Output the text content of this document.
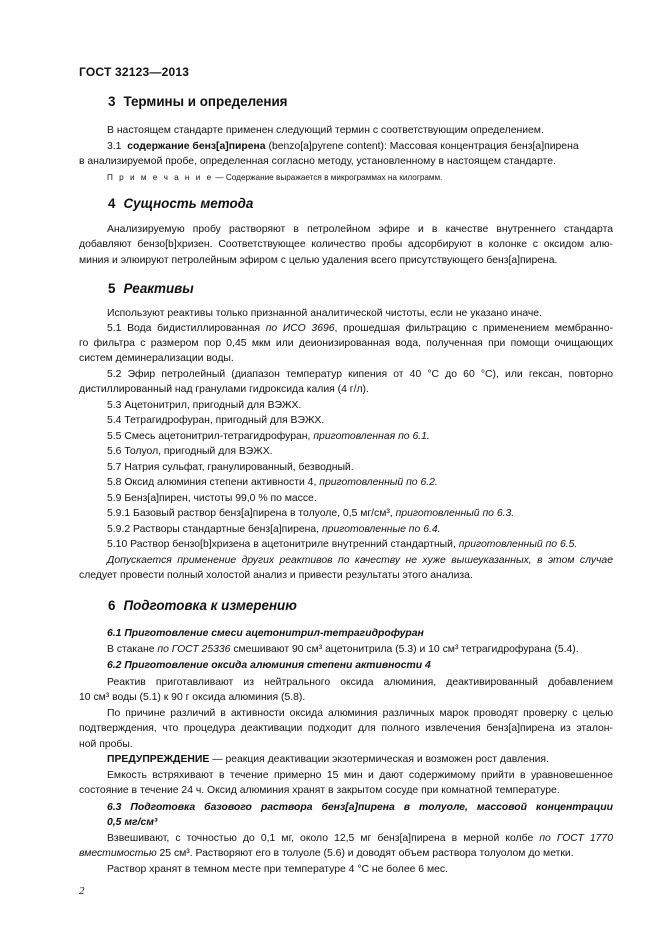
ГОСТ 32123—2013
3 Термины и определения
В настоящем стандарте применен следующий термин с соответствующим определением.
3.1 содержание бенз[а]пирена (benzo[a]pyrene content): Массовая концентрация бенз[а]пирена
в анализируемой пробе, определенная согласно методу, установленному в настоящем стандарте.
П р и м е ч а н и е — Содержание выражается в микрограммах на килограмм.
4 Сущность метода
Анализируемую пробу растворяют в петролейном эфире и в качестве внутреннего стандарта
добавляют бензо[b]хризен. Соответствующее количество пробы адсорбируют в колонке с оксидом алю-
миния и элюируют петролейным эфиром с целью удаления всего присутствующего бенз[а]пирена.
5 Реактивы
Используют реактивы только признанной аналитической чистоты, если не указано иначе.
5.1 Вода бидистиллированная по ИСО 3696, прошедшая фильтрацию с применением мембранно-
го фильтра с размером пор 0,45 мкм или деионизированная вода, полученная при помощи очищающих
систем деминерализации воды.
5.2 Эфир петролейный (диапазон температур кипения от 40 °C до 60 °C), или гексан, повторно
дистиллированный над гранулами гидроксида калия (4 г/л).
5.3 Ацетонитрил, пригодный для ВЭЖХ.
5.4 Тетрагидрофуран, пригодный для ВЭЖХ.
5.5 Смесь ацетонитрил-тетрагидрофуран, приготовленная по 6.1.
5.6 Толуол, пригодный для ВЭЖХ.
5.7 Натрия сульфат, гранулированный, безводный.
5.8 Оксид алюминия степени активности 4, приготовленный по 6.2.
5.9 Бенз[а]пирен, чистоты 99,0 % по массе.
5.9.1 Базовый раствор бенз[а]пирена в толуоле, 0,5 мг/см³, приготовленный по 6.3.
5.9.2 Растворы стандартные бенз[а]пирена, приготовленные по 6.4.
5.10 Раствор бензо[b]хризена в ацетонитриле внутренний стандартный, приготовленный по 6.5.
Допускается применение других реактивов по качеству не хуже вышеуказанных, в этом случае
следует провести полный холостой анализ и привести результаты этого анализа.
6 Подготовка к измерению
6.1 Приготовление смеси ацетонитрил-тетрагидрофуран
В стакане по ГОСТ 25336 смешивают 90 см³ ацетонитрила (5.3) и 10 см³ тетрагидрофурана (5.4).
6.2 Приготовление оксида алюминия степени активности 4
Реактив приготавливают из нейтрального оксида алюминия, деактивированный добавлением
10 см³ воды (5.1) к 90 г оксида алюминия (5.8).
По причине различий в активности оксида алюминия различных марок проводят проверку с целью
подтверждения, что процедура деактивации подходит для полного извлечения бенз[а]пирена из эталон-
ной пробы.
ПРЕДУПРЕЖДЕНИЕ — реакция деактивации экзотермическая и возможен рост давления.
Емкость встряхивают в течение примерно 15 мин и дают содержимому прийти в уравновешенное
состояние в течение 24 ч. Оксид алюминия хранят в закрытом сосуде при комнатной температуре.
6.3 Подготовка базового раствора бенз[а]пирена в толуоле, массовой концентрации
0,5 мг/см³
Взвешивают, с точностью до 0,1 мг, около 12,5 мг бенз[а]пирена в мерной колбе по ГОСТ 1770
вместимостью 25 см³. Растворяют его в толуоле (5.6) и доводят объем раствора толуолом до метки.
Раствор хранят в темном месте при температуре 4 °C не более 6 мес.
2
